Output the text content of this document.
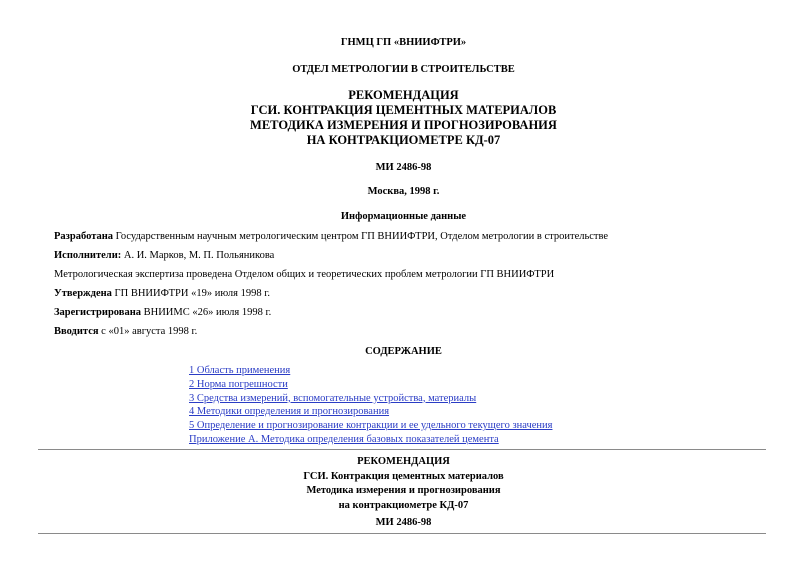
ГНМЦ ГП «ВНИИФТРИ»
ОТДЕЛ МЕТРОЛОГИИ В СТРОИТЕЛЬСТВЕ
РЕКОМЕНДАЦИЯ
ГСИ. КОНТРАКЦИЯ ЦЕМЕНТНЫХ МАТЕРИАЛОВ
МЕТОДИКА ИЗМЕРЕНИЯ И ПРОГНОЗИРОВАНИЯ
НА КОНТРАКЦИОМЕТРЕ КД-07
МИ 2486-98
Москва, 1998 г.
Информационные данные
Разработана Государственным научным метрологическим центром ГП ВНИИФТРИ, Отделом метрологии в строительстве
Исполнители: А. И. Марков, М. П. Польяникова
Метрологическая экспертиза проведена Отделом общих и теоретических проблем метрологии ГП ВНИИФТРИ
Утверждена ГП ВНИИФТРИ «19» июля 1998 г.
Зарегистрирована ВНИИМС «26» июля 1998 г.
Вводится с «01» августа 1998 г.
СОДЕРЖАНИЕ
1 Область применения
2 Норма погрешности
3 Средства измерений, вспомогательные устройства, материалы
4 Методики определения и прогнозирования
5 Определение и прогнозирование контракции и ее удельного текущего значения
Приложение А. Методика определения базовых показателей цемента
РЕКОМЕНДАЦИЯ
ГСИ. Контракция цементных материалов
Методика измерения и прогнозирования
на контракциометре КД-07
МИ 2486-98
